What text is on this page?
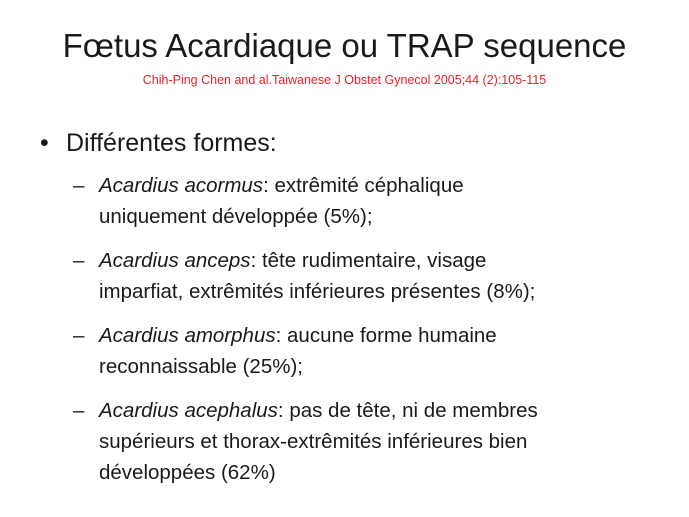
Fœtus Acardiaque ou TRAP sequence
Chih-Ping Chen and al.Taiwanese J Obstet Gynecol 2005;44 (2):105-115
• Différentes formes:
– Acardius acormus: extrêmité céphalique
uniquement développée (5%);
– Acardius anceps: tête rudimentaire, visage
imparfiat, extrêmités inférieures présentes (8%);
– Acardius amorphus: aucune forme humaine
reconnaissable (25%);
– Acardius acephalus: pas de tête, ni de membres
supérieurs et thorax-extrêmités inférieures bien
développées (62%)
